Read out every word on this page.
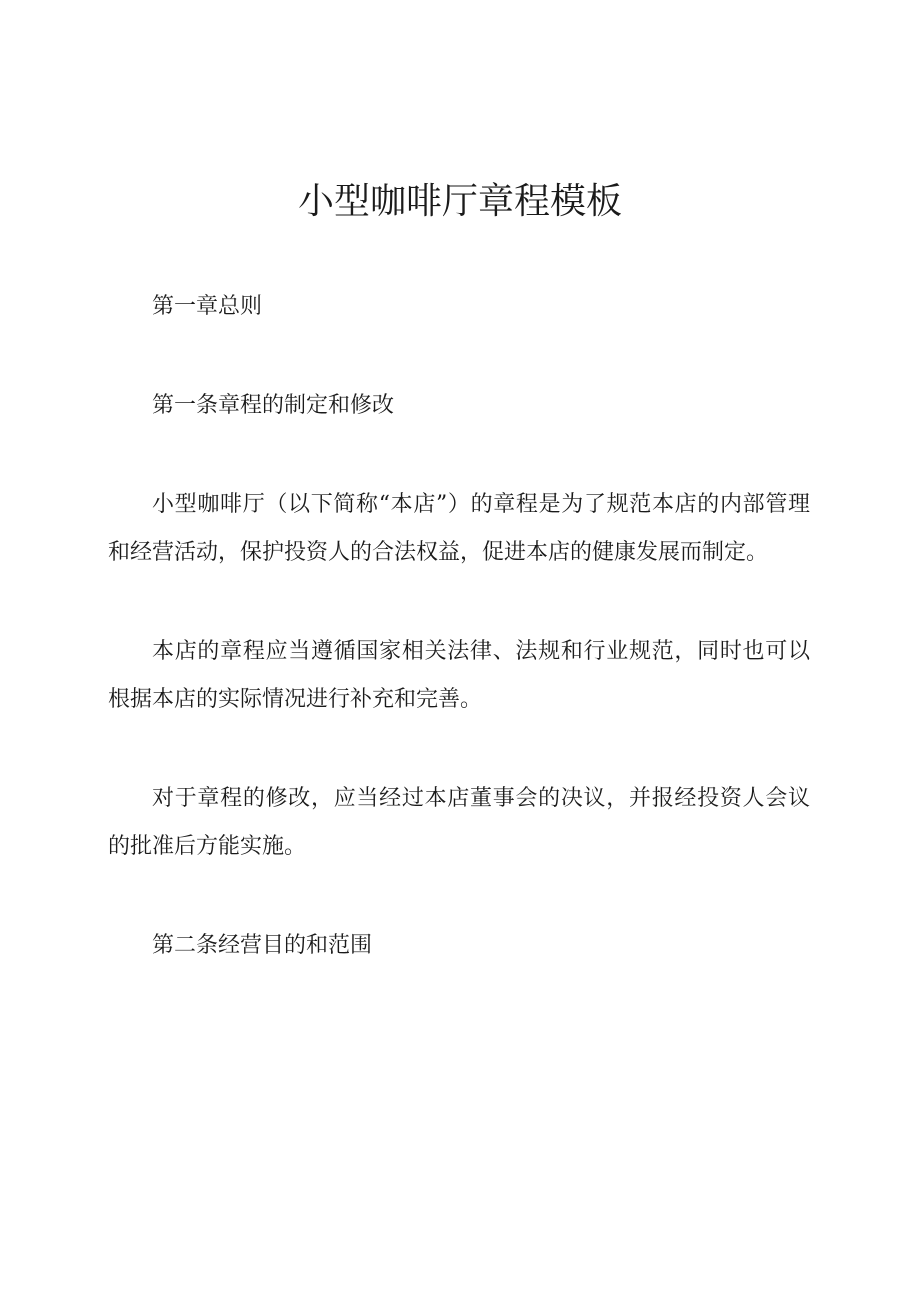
小型咖啡厅章程模板

第一章总则

第一条章程的制定和修改

小型咖啡厅（以下简称“本店”）的章程是为了规范本店的内部管理和经营活动，保护投资人的合法权益，促进本店的健康发展而制定。

本店的章程应当遵循国家相关法律、法规和行业规范，同时也可以根据本店的实际情况进行补充和完善。

对于章程的修改，应当经过本店董事会的决议，并报经投资人会议的批准后方能实施。

第二条经营目的和范围
